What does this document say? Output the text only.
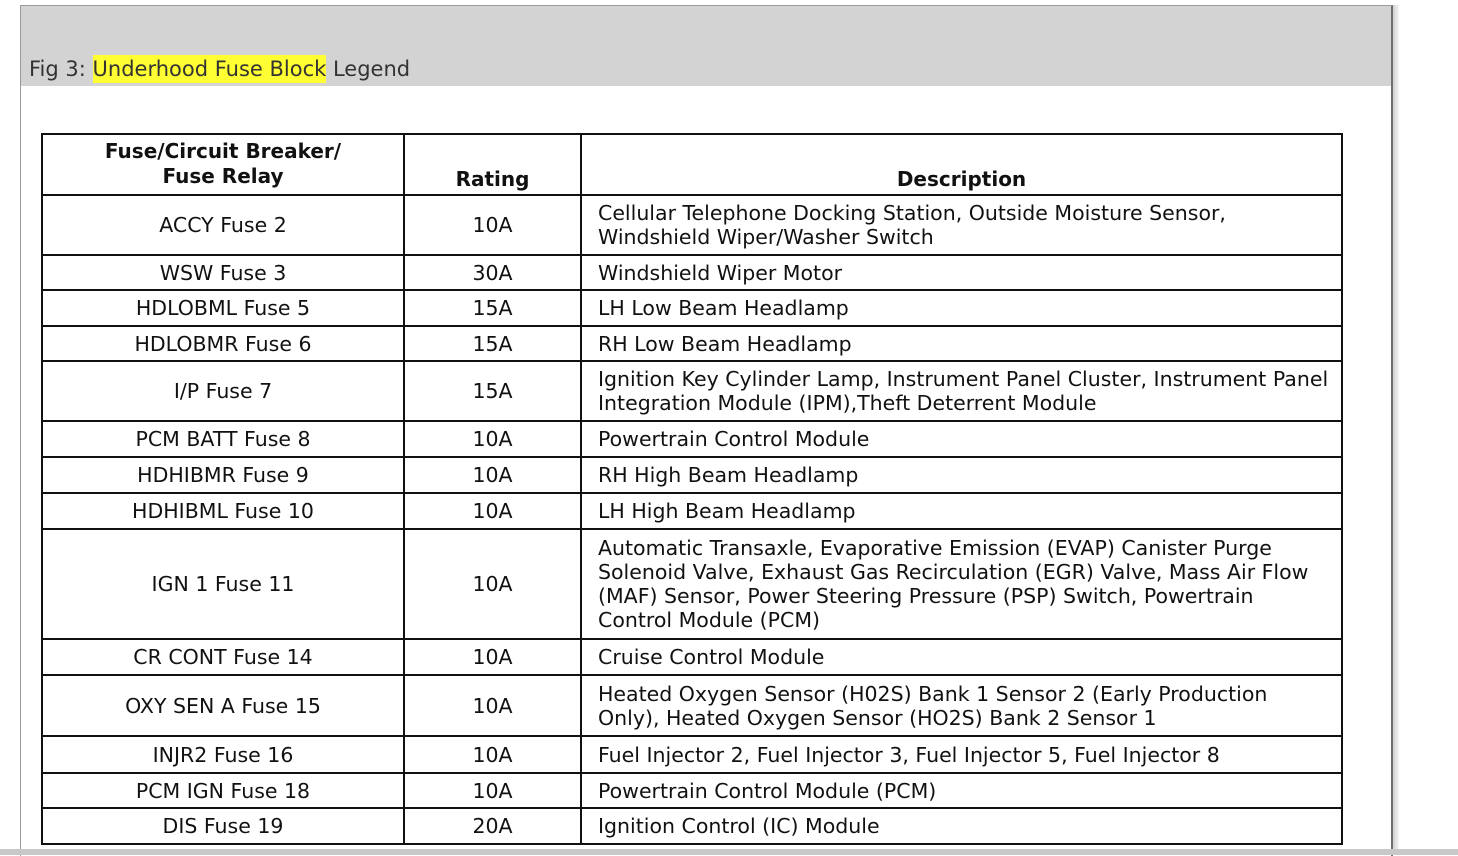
Fig 3: Underhood Fuse Block Legend
Fuse/Circuit Breaker/
Fuse Relay	Rating	Description
ACCY Fuse 2	10A	Cellular Telephone Docking Station, Outside Moisture Sensor,
Windshield Wiper/Washer Switch

WSW Fuse 3	30A	Windshield Wiper Motor

HDLOBML Fuse 5	15A	LH Low Beam Headlamp

HDLOBMR Fuse 6	15A	RH Low Beam Headlamp

I/P Fuse 7	15A	Ignition Key Cylinder Lamp, Instrument Panel Cluster, Instrument Panel
Integration Module (IPM),Theft Deterrent Module

PCM BATT Fuse 8	10A	Powertrain Control Module

HDHIBMR Fuse 9	10A	RH High Beam Headlamp

HDHIBML Fuse 10	10A	LH High Beam Headlamp

IGN 1 Fuse 11	10A	Automatic Transaxle, Evaporative Emission (EVAP) Canister Purge
Solenoid Valve, Exhaust Gas Recirculation (EGR) Valve, Mass Air Flow
(MAF) Sensor, Power Steering Pressure (PSP) Switch, Powertrain
Control Module (PCM)

CR CONT Fuse 14	10A	Cruise Control Module

OXY SEN A Fuse 15	10A	Heated Oxygen Sensor (H02S) Bank 1 Sensor 2 (Early Production
Only), Heated Oxygen Sensor (HO2S) Bank 2 Sensor 1

INJR2 Fuse 16	10A	Fuel Injector 2, Fuel Injector 3, Fuel Injector 5, Fuel Injector 8

PCM IGN Fuse 18	10A	Powertrain Control Module (PCM)

DIS Fuse 19	20A	Ignition Control (IC) Module
